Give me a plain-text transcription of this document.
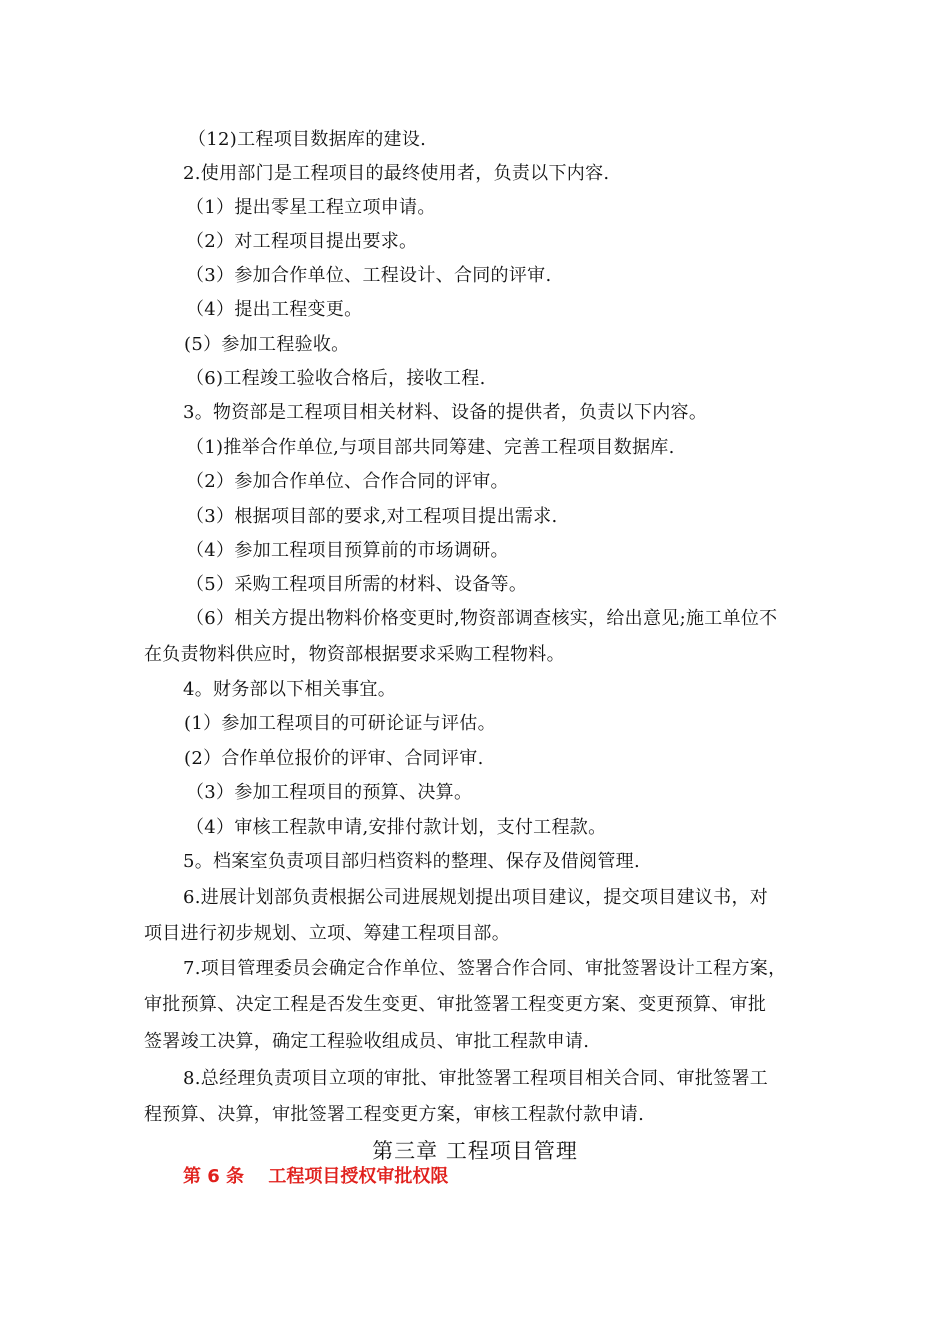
（12)工程项目数据库的建设.
2.使用部门是工程项目的最终使用者，负责以下内容.
（1）提出零星工程立项申请。
（2）对工程项目提出要求。
（3）参加合作单位、工程设计、合同的评审.
（4）提出工程变更。
(5）参加工程验收。
（6)工程竣工验收合格后，接收工程.
3。物资部是工程项目相关材料、设备的提供者，负责以下内容。
（1)推举合作单位,与项目部共同筹建、完善工程项目数据库.
（2）参加合作单位、合作合同的评审。
（3）根据项目部的要求,对工程项目提出需求.
（4）参加工程项目预算前的市场调研。
（5）采购工程项目所需的材料、设备等。
（6）相关方提出物料价格变更时,物资部调查核实，给出意见;施工单位不
在负责物料供应时，物资部根据要求采购工程物料。
4。财务部以下相关事宜。
(1）参加工程项目的可研论证与评估。
(2）合作单位报价的评审、合同评审.
（3）参加工程项目的预算、决算。
（4）审核工程款申请,安排付款计划，支付工程款。
5。档案室负责项目部归档资料的整理、保存及借阅管理.
6.进展计划部负责根据公司进展规划提出项目建议，提交项目建议书，对
项目进行初步规划、立项、筹建工程项目部。
7.项目管理委员会确定合作单位、签署合作合同、审批签署设计工程方案，
审批预算、决定工程是否发生变更、审批签署工程变更方案、变更预算、审批
签署竣工决算，确定工程验收组成员、审批工程款申请.
8.总经理负责项目立项的审批、审批签署工程项目相关合同、审批签署工
程预算、决算，审批签署工程变更方案，审核工程款付款申请.
第三章 工程项目管理
第 6 条 工程项目授权审批权限
